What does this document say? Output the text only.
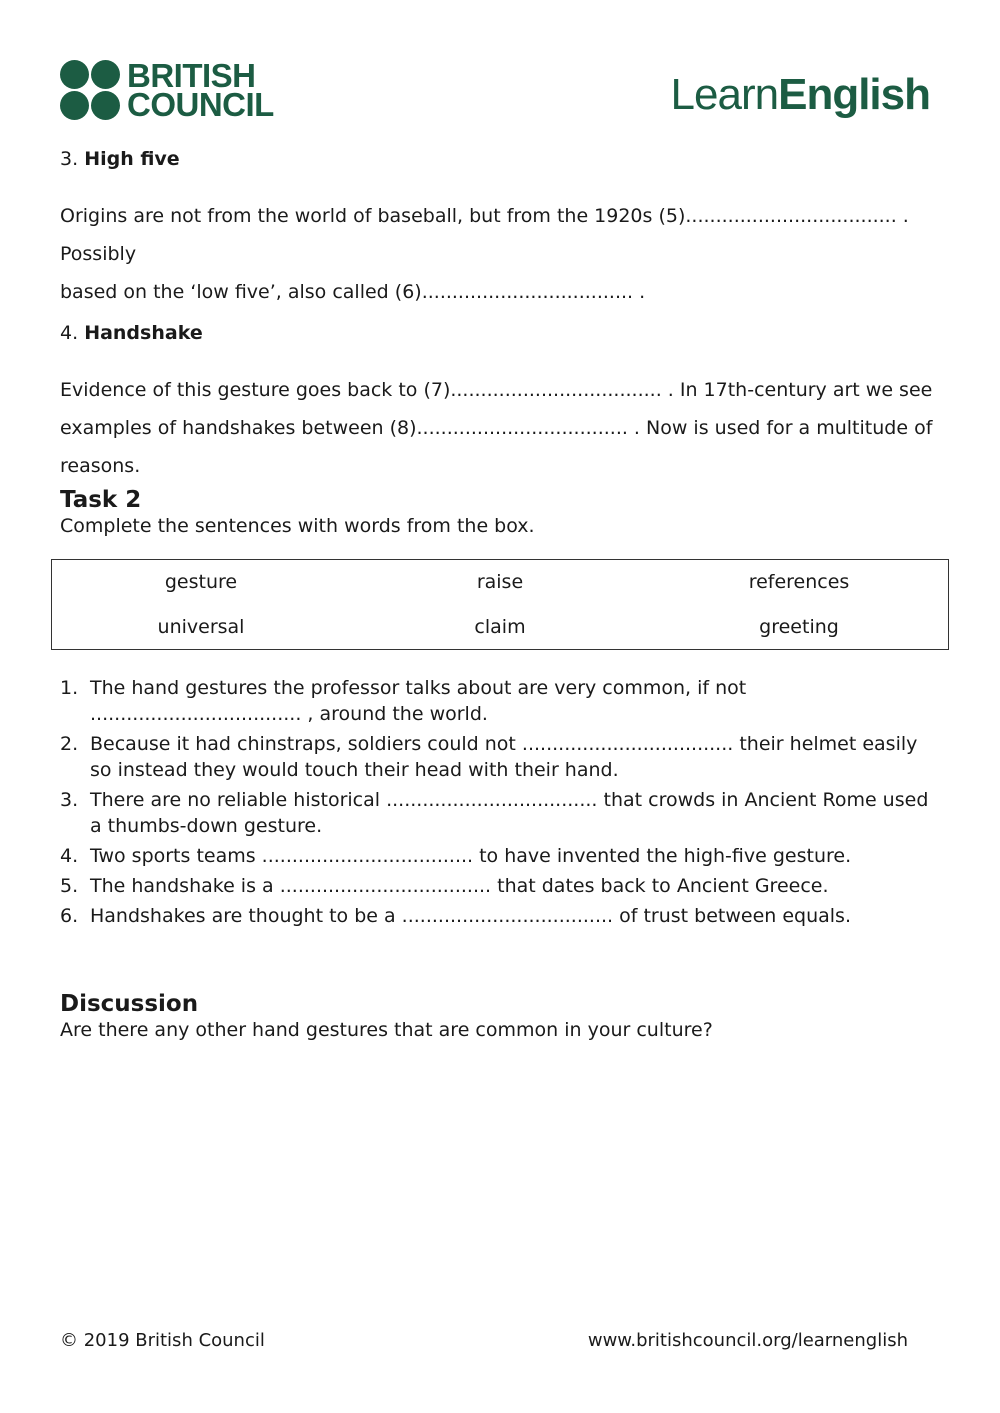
BRITISH
COUNCIL	LearnEnglish
3. High five
Origins are not from the world of baseball, but from the 1920s (5)................................... . Possibly
based on the ‘low five’, also called (6)................................... .
4. Handshake
Evidence of this gesture goes back to (7)................................... . In 17th-century art we see
examples of handshakes between (8)................................... . Now is used for a multitude of reasons.
Task 2
Complete the sentences with words from the box.
gesture	raise	references
universal	claim	greeting
1. The hand gestures the professor talks about are very common, if not ................................... , around the world.
2. Because it had chinstraps, soldiers could not ................................... their helmet easily so instead they would touch their head with their hand.
3. There are no reliable historical ................................... that crowds in Ancient Rome used a thumbs-down gesture.
4. Two sports teams ................................... to have invented the high-five gesture.
5. The handshake is a ................................... that dates back to Ancient Greece.
6. Handshakes are thought to be a ................................... of trust between equals.
Discussion
Are there any other hand gestures that are common in your culture?
© 2019 British Council	www.britishcouncil.org/learnenglish
